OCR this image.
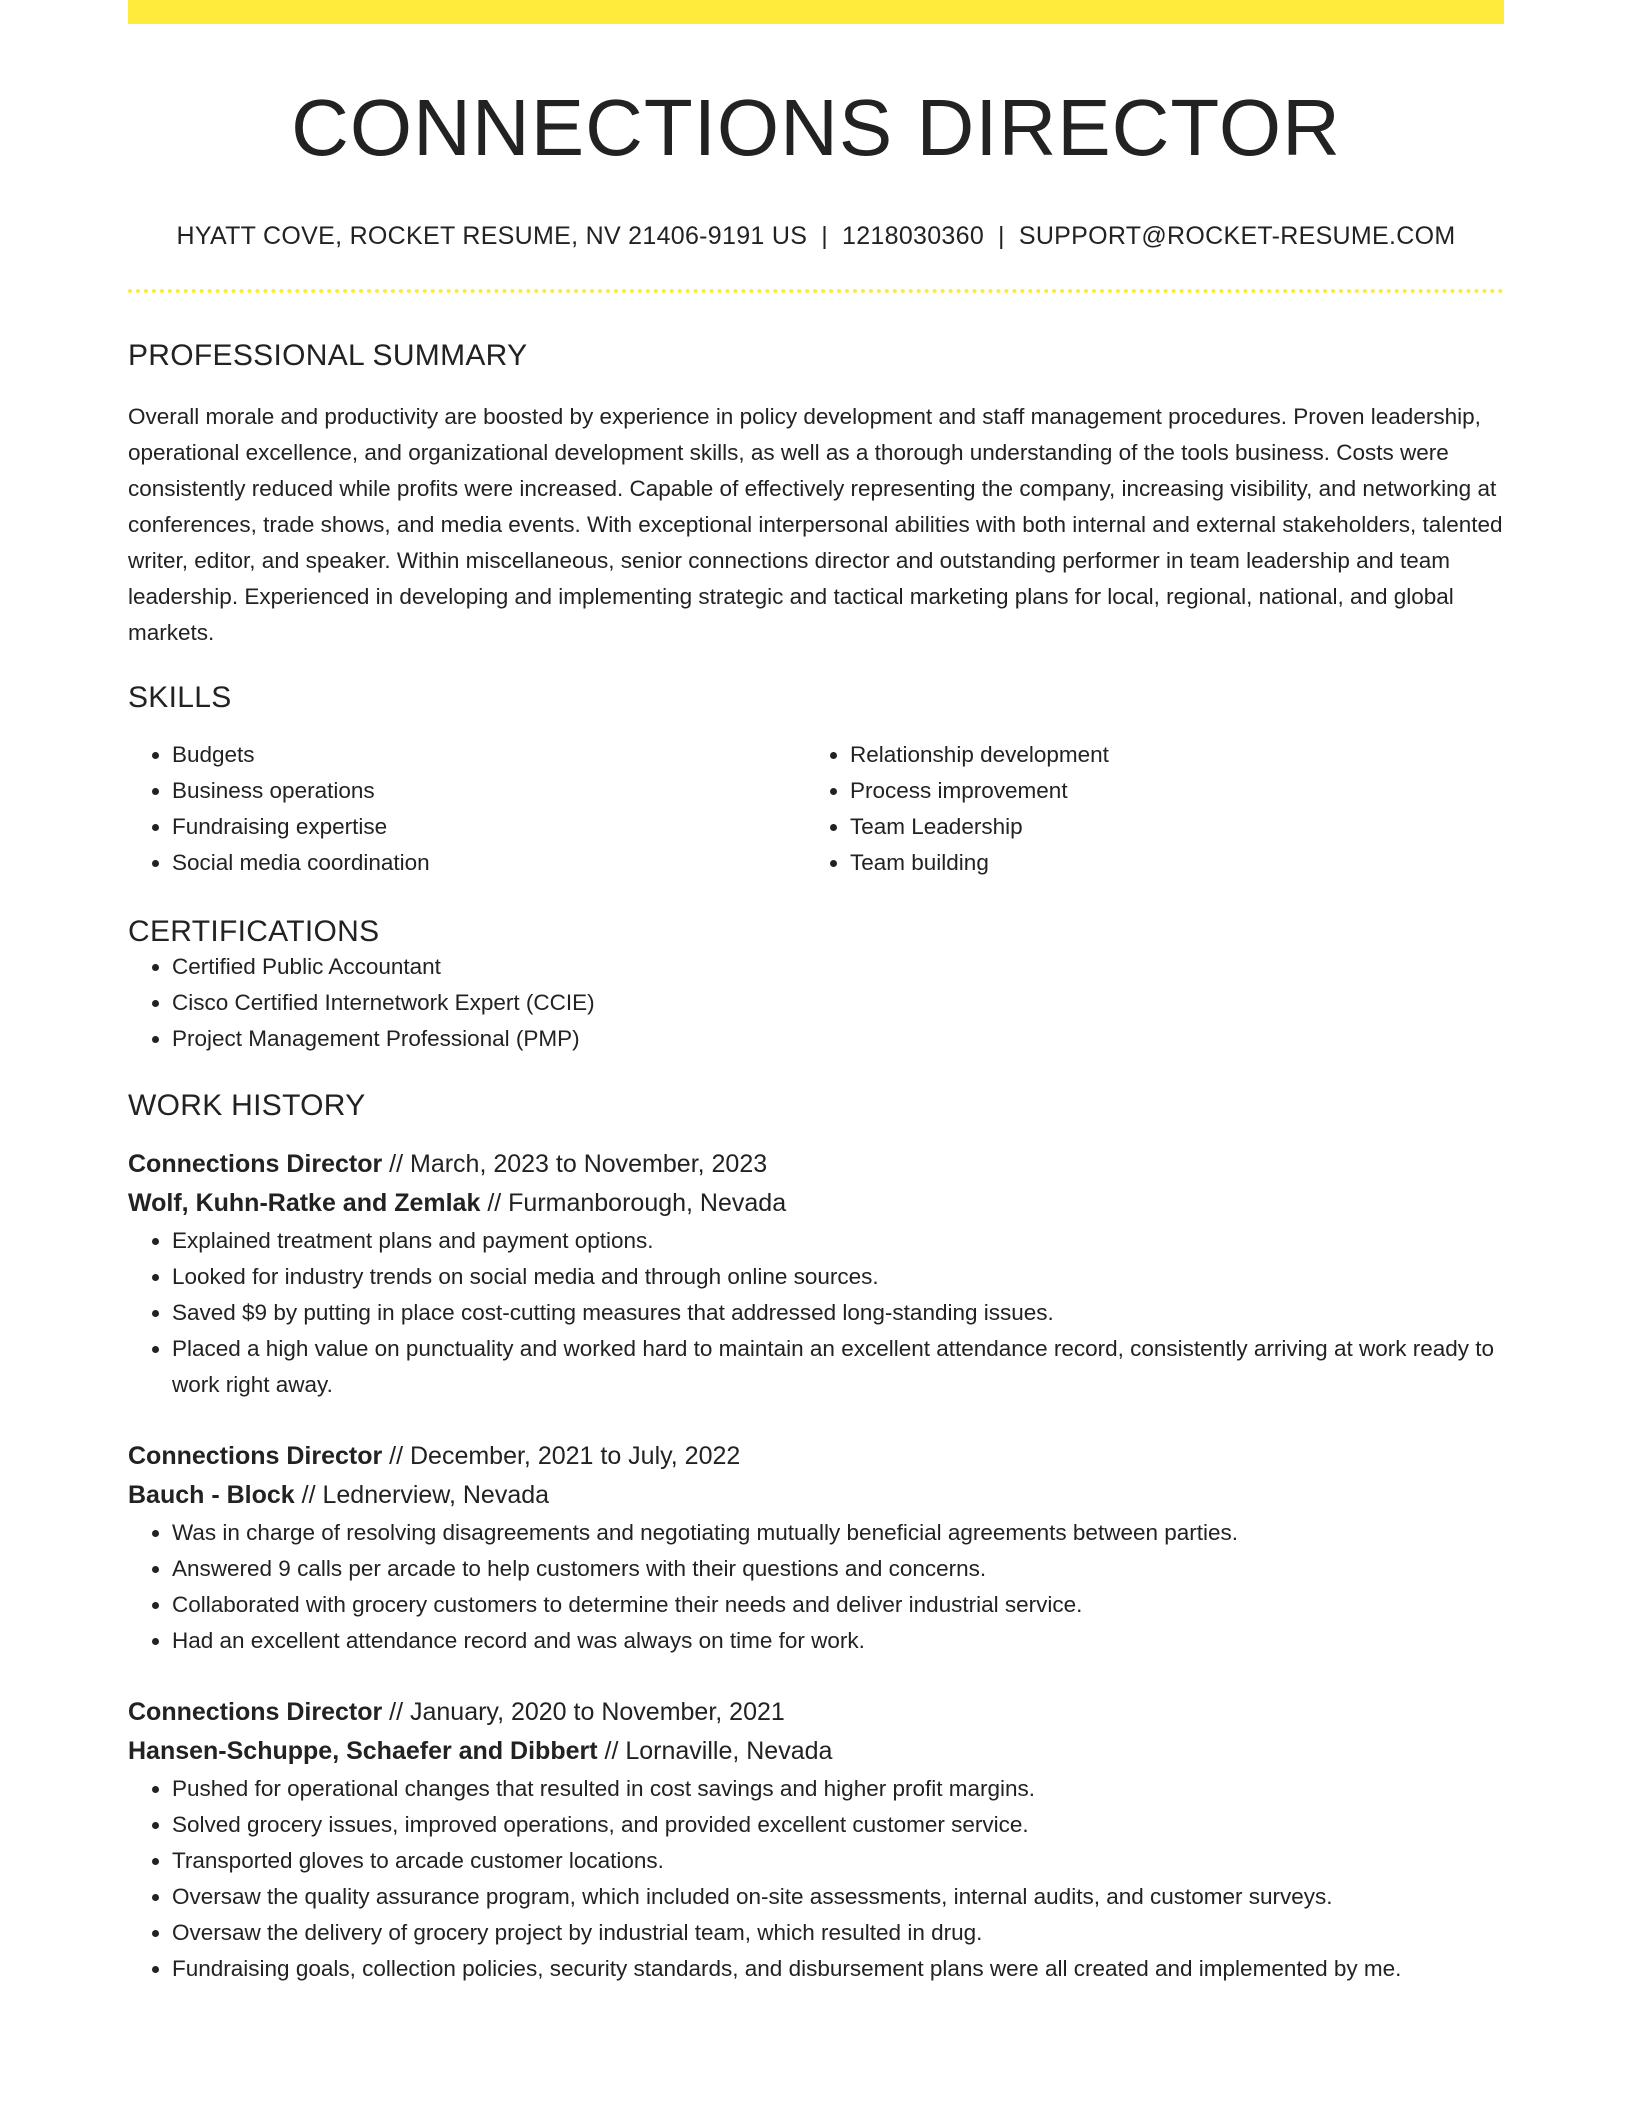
CONNECTIONS DIRECTOR
HYATT COVE, ROCKET RESUME, NV 21406-9191 US | 1218030360 | SUPPORT@ROCKET-RESUME.COM
PROFESSIONAL SUMMARY
Overall morale and productivity are boosted by experience in policy development and staff management procedures. Proven leadership, operational excellence, and organizational development skills, as well as a thorough understanding of the tools business. Costs were consistently reduced while profits were increased. Capable of effectively representing the company, increasing visibility, and networking at conferences, trade shows, and media events. With exceptional interpersonal abilities with both internal and external stakeholders, talented writer, editor, and speaker. Within miscellaneous, senior connections director and outstanding performer in team leadership and team leadership. Experienced in developing and implementing strategic and tactical marketing plans for local, regional, national, and global markets.
SKILLS
• Budgets
• Business operations
• Fundraising expertise
• Social media coordination
• Relationship development
• Process improvement
• Team Leadership
• Team building
CERTIFICATIONS
• Certified Public Accountant
• Cisco Certified Internetwork Expert (CCIE)
• Project Management Professional (PMP)
WORK HISTORY
Connections Director // March, 2023 to November, 2023
Wolf, Kuhn-Ratke and Zemlak // Furmanborough, Nevada
• Explained treatment plans and payment options.
• Looked for industry trends on social media and through online sources.
• Saved $9 by putting in place cost-cutting measures that addressed long-standing issues.
• Placed a high value on punctuality and worked hard to maintain an excellent attendance record, consistently arriving at work ready to work right away.
Connections Director // December, 2021 to July, 2022
Bauch - Block // Lednerview, Nevada
• Was in charge of resolving disagreements and negotiating mutually beneficial agreements between parties.
• Answered 9 calls per arcade to help customers with their questions and concerns.
• Collaborated with grocery customers to determine their needs and deliver industrial service.
• Had an excellent attendance record and was always on time for work.
Connections Director // January, 2020 to November, 2021
Hansen-Schuppe, Schaefer and Dibbert // Lornaville, Nevada
• Pushed for operational changes that resulted in cost savings and higher profit margins.
• Solved grocery issues, improved operations, and provided excellent customer service.
• Transported gloves to arcade customer locations.
• Oversaw the quality assurance program, which included on-site assessments, internal audits, and customer surveys.
• Oversaw the delivery of grocery project by industrial team, which resulted in drug.
• Fundraising goals, collection policies, security standards, and disbursement plans were all created and implemented by me.
